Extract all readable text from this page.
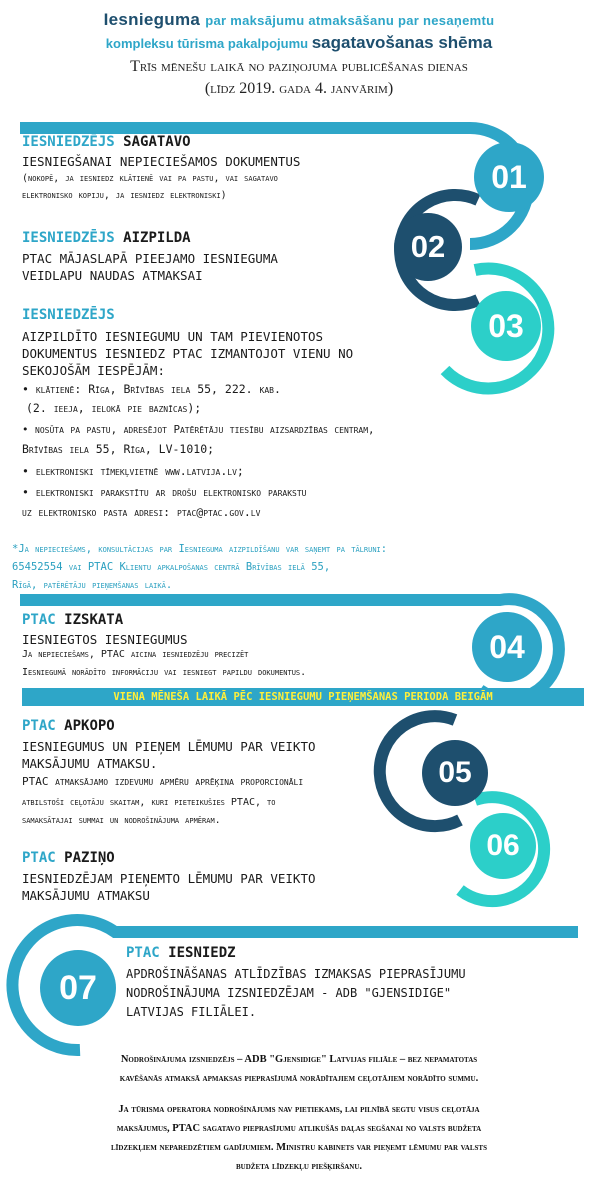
Iesnieguma par maksājumu atmaksāšanu par nesaņemtu
kompleksu tūrisma pakalpojumu sagatavošanas shēma
Trīs mēnešu laikā no paziņojuma publicēšanas dienas
(līdz 2019. gada 4. janvārim)
01
02
03
04
05
06
07
IESNIEDZĒJS SAGATAVO
IESNIEGŠANAI NEPIECIEŠAMOS DOKUMENTUS
(nokopē, ja iesniedz klātienē vai pa pastu, vai sagatavo
elektronisko kopiju, ja iesniedz elektroniski)
IESNIEDZĒJS AIZPILDA
PTAC MĀJASLAPĀ PIEEJAMO IESNIEGUMA
VEIDLAPU NAUDAS ATMAKSAI
IESNIEDZĒJS
AIZPILDĪTO IESNIEGUMU UN TAM PIEVIENOTOS
DOKUMENTUS IESNIEDZ PTAC IZMANTOJOT VIENU NO
SEKOJOŠĀM IESPĒJĀM:
• klātienē: Rīga, Brīvības iela 55, 222. kab.
(2. ieeja, ielokā pie baznīcas);
• nosūta pa pastu, adresējot Patērētāju tiesību aizsardzības centram,
Brīvības iela 55, Rīga, LV-1010;
• elektroniski tīmekļvietnē www.latvija.lv;
• elektroniski parakstītu ar drošu elektronisko parakstu
uz elektronisko pasta adresi: ptac@ptac.gov.lv
*Ja nepieciešams, konsultācijas par Iesnieguma aizpildīšanu var saņemt pa tālruni:
65452554 vai PTAC Klientu apkalpošanas centrā Brīvības ielā 55,
Rīgā, patērētāju pieņemšanas laikā.
PTAC IZSKATA
IESNIEGTOS IESNIEGUMUS
Ja nepieciešams, PTAC aicina iesniedzēju precizēt
Iesniegumā norādīto informāciju vai iesniegt papildu dokumentus.
VIENA MĒNEŠA LAIKĀ PĒC IESNIEGUMU PIEŅEMŠANAS PERIODA BEIGĀM
PTAC APKOPO
IESNIEGUMUS UN PIEŅEM LĒMUMU PAR VEIKTO
MAKSĀJUMU ATMAKSU.
PTAC atmaksājamo izdevumu apmēru aprēķina proporcionāli
atbilstoši ceļotāju skaitam, kuri pieteikušies PTAC, to
samaksātajai summai un nodrošinājuma apmēram.
PTAC PAZIŅO
IESNIEDZĒJAM PIEŅEMTO LĒMUMU PAR VEIKTO
MAKSĀJUMU ATMAKSU
PTAC IESNIEDZ
APDROŠINĀŠANAS ATLĪDZĪBAS IZMAKSAS PIEPRASĪJUMU
NODROŠINĀJUMA IZSNIEDZĒJAM - ADB "GJENSIDIGE"
LATVIJAS FILIĀLEI.
Nodrošinājuma izsniedzējs – ADB "Gjensidige" Latvijas filiāle – bez nepamatotas
kavēšanās atmaksā apmaksas pieprasījumā norādītajiem ceļotājiem norādīto summu.
Ja tūrisma operatora nodrošinājums nav pietiekams, lai pilnībā segtu visus ceļotāja
maksājumus, PTAC sagatavo pieprasījumu atlikušās daļas segšanai no valsts budžeta
līdzekļiem neparedzētiem gadījumiem. Ministru kabinets var pieņemt lēmumu par valsts
budžeta līdzekļu piešķiršanu.
